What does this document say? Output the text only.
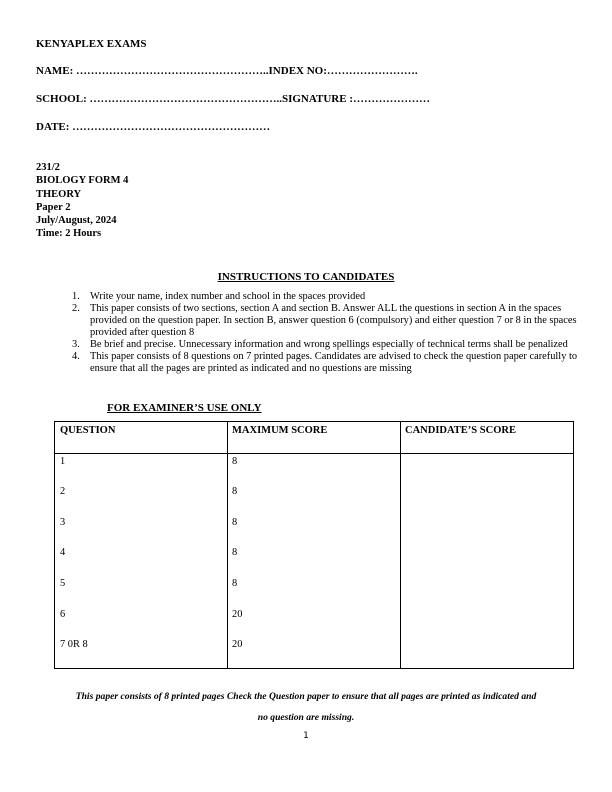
KENYAPLEX EXAMS
NAME: ……………………………………………..INDEX NO:…………………….
SCHOOL: ……………………………………………..SIGNATURE :…………………
DATE: ………………………………………………
231/2
BIOLOGY FORM 4
THEORY
Paper 2
July/August, 2024
Time: 2 Hours
INSTRUCTIONS TO CANDIDATES
1. Write your name, index number and school in the spaces provided
2. This paper consists of two sections, section A and section B. Answer ALL the questions in section A in the spaces provided on the question paper. In section B, answer question 6 (compulsory) and either question 7 or 8 in the spaces provided after question 8
3. Be brief and precise. Unnecessary information and wrong spellings especially of technical terms shall be penalized
4. This paper consists of 8 questions on 7 printed pages. Candidates are advised to check the question paper carefully to ensure that all the pages are printed as indicated and no questions are missing
FOR EXAMINER’S USE ONLY
QUESTION	MAXIMUM SCORE	CANDIDATE’S SCORE
1	8
2	8
3	8
4	8
5	8
6	20
7 0R 8	20
This paper consists of 8 printed pages Check the Question paper to ensure that all pages are printed as indicated and
no question are missing.
1
